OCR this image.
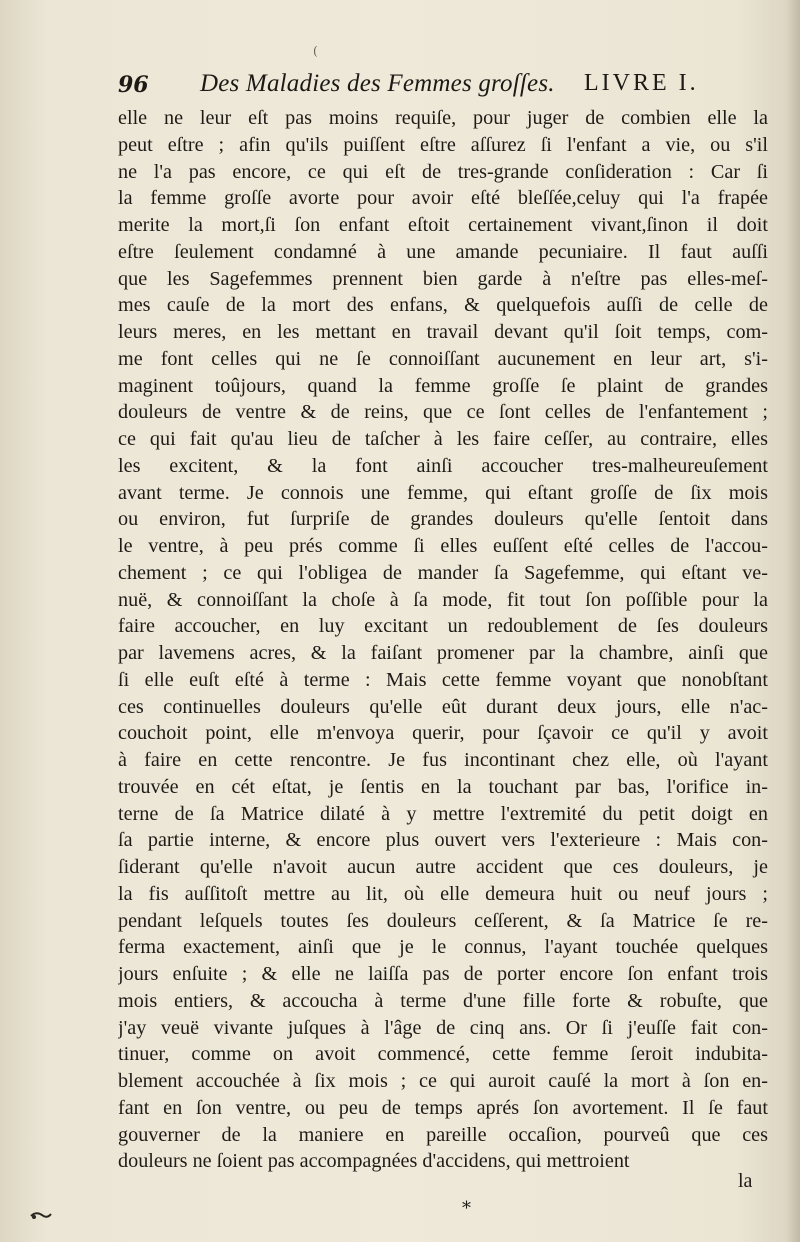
(
96 Des Maladies des Femmes groſſes. LIVRE I.
elle ne leur eſt pas moins requiſe, pour juger de combien elle la
peut eſtre ; afin qu'ils puiſſent eſtre aſſurez ſi l'enfant a vie, ou s'il
ne l'a pas encore, ce qui eſt de tres-grande conſideration : Car ſi
la femme groſſe avorte pour avoir eſté bleſſée,celuy qui l'a frapée
merite la mort,ſi ſon enfant eſtoit certainement vivant,ſinon il doit
eſtre ſeulement condamné à une amande pecuniaire. Il faut auſſi
que les Sagefemmes prennent bien garde à n'eſtre pas elles-meſ-
mes cauſe de la mort des enfans, & quelquefois auſſi de celle de
leurs meres, en les mettant en travail devant qu'il ſoit temps, com-
me font celles qui ne ſe connoiſſant aucunement en leur art, s'i-
maginent toûjours, quand la femme groſſe ſe plaint de grandes
douleurs de ventre & de reins, que ce ſont celles de l'enfantement ;
ce qui fait qu'au lieu de taſcher à les faire ceſſer, au contraire, elles
les excitent, & la font ainſi accoucher tres-malheureuſement
avant terme. Je connois une femme, qui eſtant groſſe de ſix mois
ou environ, fut ſurpriſe de grandes douleurs qu'elle ſentoit dans
le ventre, à peu prés comme ſi elles euſſent eſté celles de l'accou-
chement ; ce qui l'obligea de mander ſa Sagefemme, qui eſtant ve-
nuë, & connoiſſant la choſe à ſa mode, fit tout ſon poſſible pour la
faire accoucher, en luy excitant un redoublement de ſes douleurs
par lavemens acres, & la faiſant promener par la chambre, ainſi que
ſi elle euſt eſté à terme : Mais cette femme voyant que nonobſtant
ces continuelles douleurs qu'elle eût durant deux jours, elle n'ac-
couchoit point, elle m'envoya querir, pour ſçavoir ce qu'il y avoit
à faire en cette rencontre. Je fus incontinant chez elle, où l'ayant
trouvée en cét eſtat, je ſentis en la touchant par bas, l'orifice in-
terne de ſa Matrice dilaté à y mettre l'extremité du petit doigt en
ſa partie interne, & encore plus ouvert vers l'exterieure : Mais con-
ſiderant qu'elle n'avoit aucun autre accident que ces douleurs, je
la fis auſſitoſt mettre au lit, où elle demeura huit ou neuf jours ;
pendant leſquels toutes ſes douleurs ceſſerent, & ſa Matrice ſe re-
ferma exactement, ainſi que je le connus, l'ayant touchée quelques
jours enſuite ; & elle ne laiſſa pas de porter encore ſon enfant trois
mois entiers, & accoucha à terme d'une fille forte & robuſte, que
j'ay veuë vivante juſques à l'âge de cinq ans. Or ſi j'euſſe fait con-
tinuer, comme on avoit commencé, cette femme ſeroit indubita-
blement accouchée à ſix mois ; ce qui auroit cauſé la mort à ſon en-
fant en ſon ventre, ou peu de temps aprés ſon avortement. Il ſe faut
gouverner de la maniere en pareille occaſion, pourveû que ces
douleurs ne ſoient pas accompagnées d'accidens, qui mettroient
la
*
